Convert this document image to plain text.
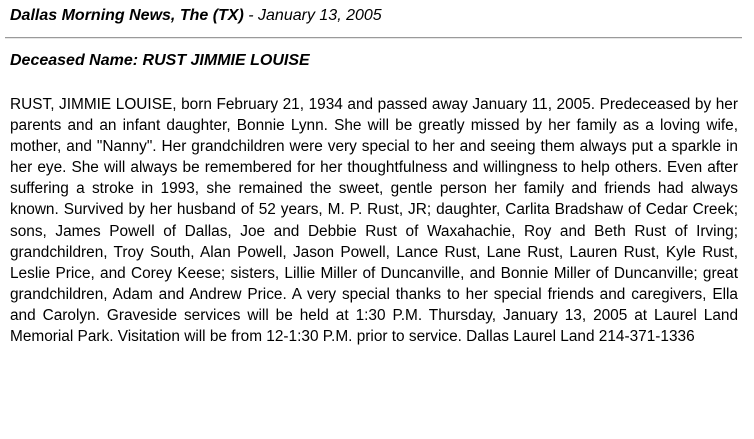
Dallas Morning News, The (TX) - January 13, 2005
Deceased Name: RUST JIMMIE LOUISE

RUST, JIMMIE LOUISE, born February 21, 1934 and passed away January 11, 2005. Predeceased by her parents and an infant daughter, Bonnie Lynn. She will be greatly missed by her family as a loving wife, mother, and "Nanny". Her grandchildren were very special to her and seeing them always put a sparkle in her eye. She will always be remembered for her thoughtfulness and willingness to help others. Even after suffering a stroke in 1993, she remained the sweet, gentle person her family and friends had always known. Survived by her husband of 52 years, M. P. Rust, JR; daughter, Carlita Bradshaw of Cedar Creek; sons, James Powell of Dallas, Joe and Debbie Rust of Waxahachie, Roy and Beth Rust of Irving; grandchildren, Troy South, Alan Powell, Jason Powell, Lance Rust, Lane Rust, Lauren Rust, Kyle Rust, Leslie Price, and Corey Keese; sisters, Lillie Miller of Duncanville, and Bonnie Miller of Duncanville; great grandchildren, Adam and Andrew Price. A very special thanks to her special friends and caregivers, Ella and Carolyn. Graveside services will be held at 1:30 P.M. Thursday, January 13, 2005 at Laurel Land Memorial Park. Visitation will be from 12-1:30 P.M. prior to service. Dallas Laurel Land 214-371-1336
